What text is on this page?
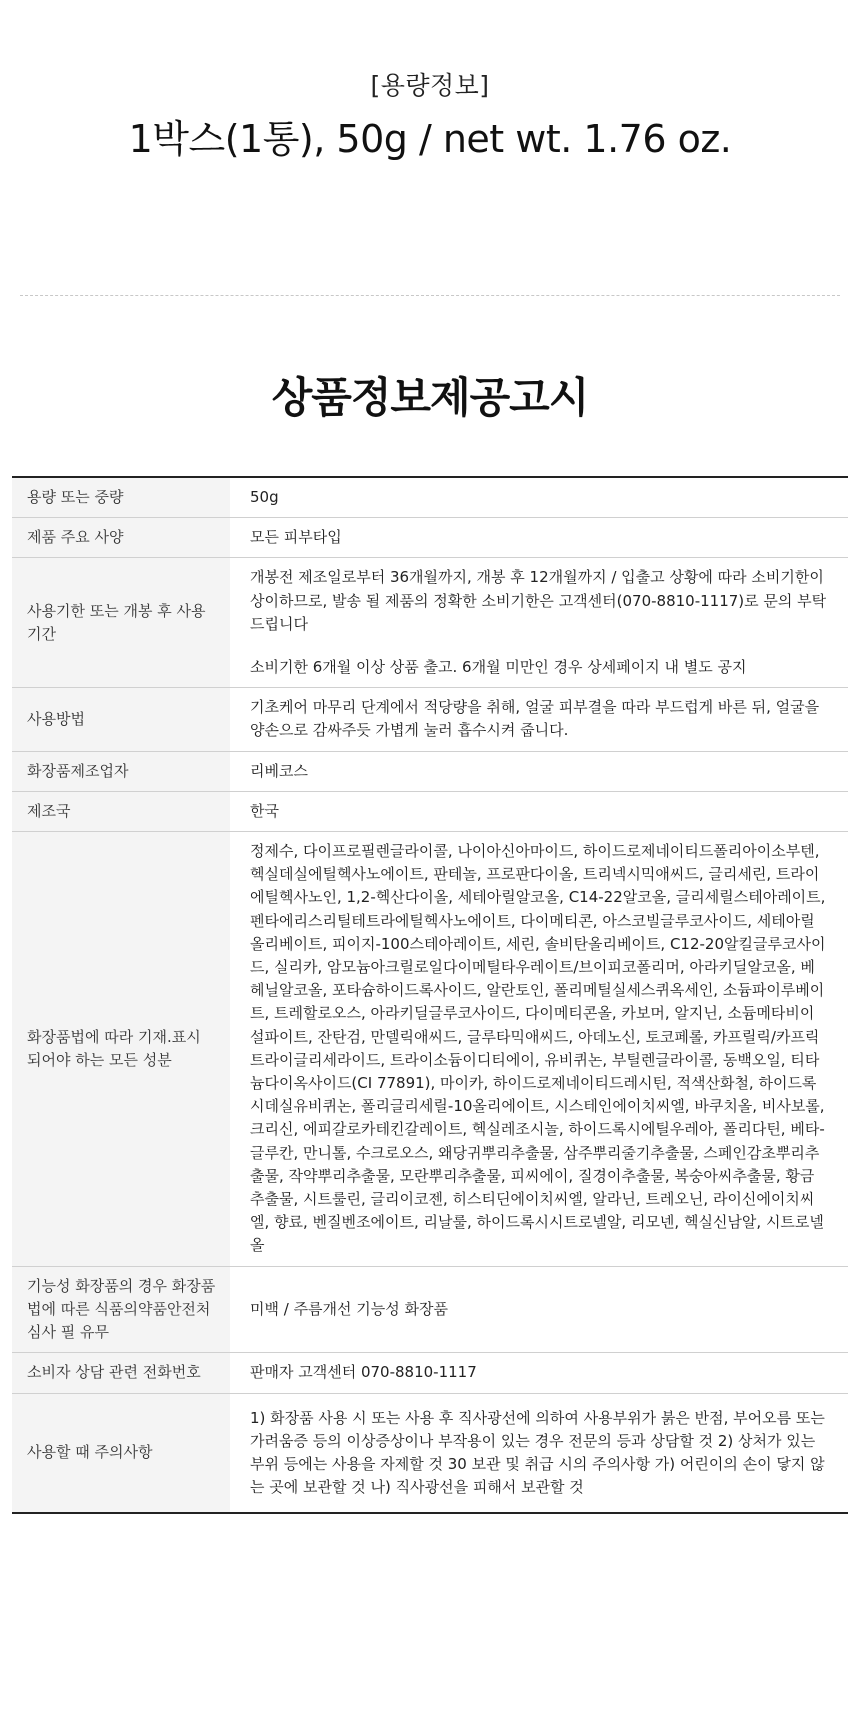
[용량정보]
1박스(1통), 50g / net wt. 1.76 oz.
상품정보제공고시
용량 또는 중량	50g
제품 주요 사양	모든 피부타입
사용기한 또는 개봉 후 사용기간	개봉전 제조일로부터 36개월까지, 개봉 후 12개월까지 / 입출고 상황에 따라 소비기한이 상이하므로, 발송 될 제품의 정확한 소비기한은 고객센터(070-8810-1117)로 문의 부탁드립니다
소비기한 6개월 이상 상품 출고. 6개월 미만인 경우 상세페이지 내 별도 공지

사용방법	기초케어 마무리 단계에서 적당량을 취해, 얼굴 피부결을 따라 부드럽게 바른 뒤, 얼굴을 양손으로 감싸주듯 가볍게 눌러 흡수시켜 줍니다.
화장품제조업자	리베코스
제조국	한국
화장품법에 따라 기재.표시 되어야 하는 모든 성분	정제수, 다이프로필렌글라이콜, 나이아신아마이드, 하이드로제네이티드폴리아이소부텐, 헥실데실에틸헥사노에이트, 판테놀, 프로판다이올, 트리넥시믹애씨드, 글리세린, 트라이에틸헥사노인, 1,2-헥산다이올, 세테아릴알코올, C14-22알코올, 글리세릴스테아레이트, 펜타에리스리틸테트라에틸헥사노에이트, 다이메티콘, 아스코빌글루코사이드, 세테아릴올리베이트, 피이지-100스테아레이트, 세린, 솔비탄올리베이트, C12-20알킬글루코사이드, 실리카, 암모늄아크릴로일다이메틸타우레이트/브이피코폴리머, 아라키딜알코올, 베헤닐알코올, 포타슘하이드록사이드, 알란토인, 폴리메틸실세스퀴옥세인, 소듐파이루베이트, 트레할로오스, 아라키딜글루코사이드, 다이메티콘올, 카보머, 알지닌, 소듐메타비이설파이트, 잔탄검, 만델릭애씨드, 글루타믹애씨드, 아데노신, 토코페롤, 카프릴릭/카프릭트라이글리세라이드, 트라이소듐이디티에이, 유비퀴논, 부틸렌글라이콜, 동백오일, 티타늄다이옥사이드(CI 77891), 마이카, 하이드로제네이티드레시틴, 적색산화철, 하이드록시데실유비퀴논, 폴리글리세릴-10올리에이트, 시스테인에이치씨엘, 바쿠치올, 비사보롤, 크리신, 에피갈로카테킨갈레이트, 헥실레조시놀, 하이드록시에틸우레아, 폴리다틴, 베타-글루칸, 만니톨, 수크로오스, 왜당귀뿌리추출물, 삼주뿌리줄기추출물, 스페인감초뿌리추출물, 작약뿌리추출물, 모란뿌리추출물, 피씨에이, 질경이추출물, 복숭아씨추출물, 황금추출물, 시트룰린, 글리이코젠, 히스티딘에이치씨엘, 알라닌, 트레오닌, 라이신에이치씨엘, 향료, 벤질벤조에이트, 리날룰, 하이드록시시트로넬알, 리모넨, 헥실신남알, 시트로넬올
기능성 화장품의 경우 화장품법에 따른 식품의약품안전처 심사 필 유무	미백 / 주름개선 기능성 화장품
소비자 상담 관련 전화번호	판매자 고객센터 070-8810-1117
사용할 때 주의사항	1) 화장품 사용 시 또는 사용 후 직사광선에 의하여 사용부위가 붉은 반점, 부어오름 또는 가려움증 등의 이상증상이나 부작용이 있는 경우 전문의 등과 상담할 것 2) 상처가 있는 부위 등에는 사용을 자제할 것 30 보관 및 취급 시의 주의사항 가) 어린이의 손이 닿지 않는 곳에 보관할 것 나) 직사광선을 피해서 보관할 것
